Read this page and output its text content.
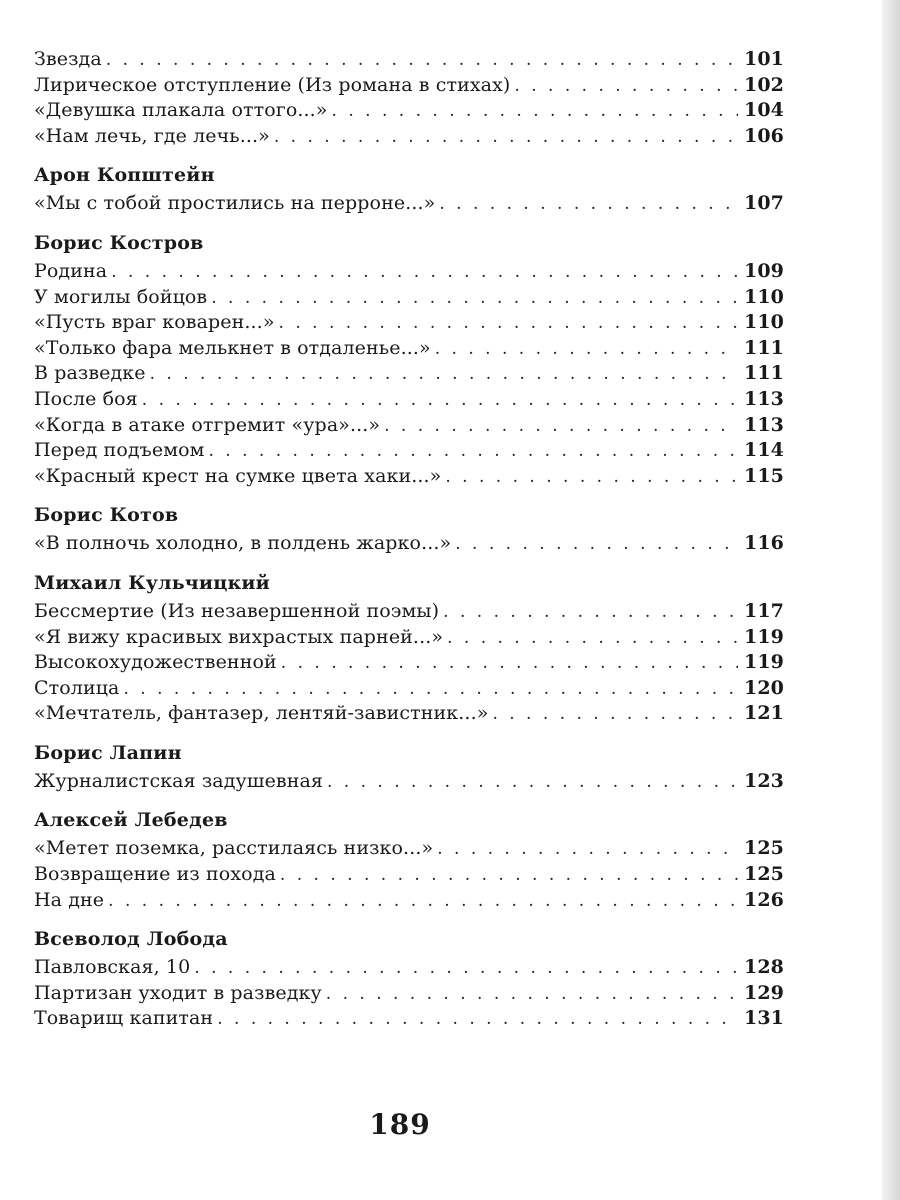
Звезда . . .	101
Лирическое отступление (Из романа в стихах) . . .	102
«Девушка плакала оттого...» . . .	104
«Нам лечь, где лечь...» . . .	106
Арон Копштейн
«Мы с тобой простились на перроне...» . . .	107
Борис Костров
Родина . . .	109
У могилы бойцов . . .	110
«Пусть враг коварен...» . . .	110
«Только фара мелькнет в отдаленье...» . . .	111
В разведке . . .	111
После боя . . .	113
«Когда в атаке отгремит «ура»...» . . .	113
Перед подъемом . . .	114
«Красный крест на сумке цвета хаки...» . . .	115
Борис Котов
«В полночь холодно, в полдень жарко...» . . .	116
Михаил Кульчицкий
Бессмертие (Из незавершенной поэмы) . . .	117
«Я вижу красивых вихрастых парней...» . . .	119
Высокохудожественной . . .	119
Столица . . .	120
«Мечтатель, фантазер, лентяй-завистник...» . . .	121
Борис Лапин
Журналистская задушевная . . .	123
Алексей Лебедев
«Метет поземка, расстилаясь низко...» . . .	125
Возвращение из похода . . .	125
На дне . . .	126
Всеволод Лобода
Павловская, 10 . . .	128
Партизан уходит в разведку . . .	129
Товарищ капитан . . .	131
189
